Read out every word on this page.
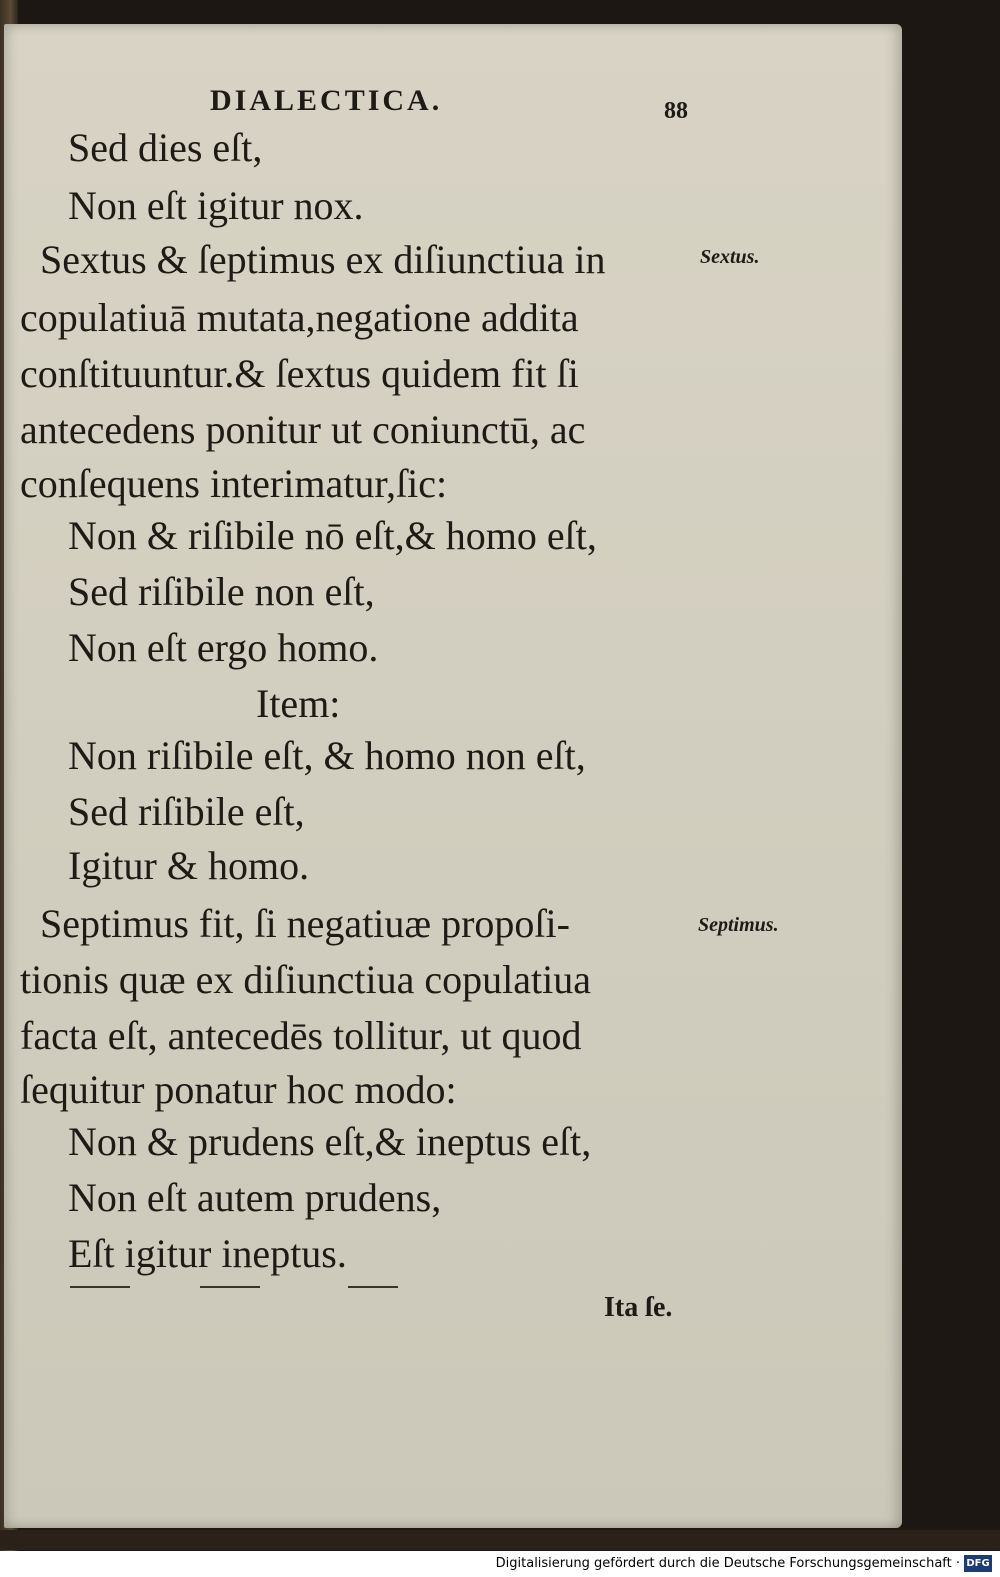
DIALECTICA.	88
Sed dies eſt,
Non eſt igitur nox.
Sextus & ſeptimus ex diſiunctiua in
copulatiuā mutata,negatione addita
conſtituuntur.& ſextus quidem fit ſi
antecedens ponitur ut coniunctū, ac
conſequens interimatur,ſic:
Non & riſibile nō eſt,& homo eſt,
Sed riſibile non eſt,
Non eſt ergo homo.
Item:
Non riſibile eſt, & homo non eſt,
Sed riſibile eſt,
Igitur & homo.
Septimus fit, ſi negatiuæ propoſi-
tionis quæ ex diſiunctiua copulatiua
facta eſt, antecedēs tollitur, ut quod
ſequitur ponatur hoc modo:
Non & prudens eſt,& ineptus eſt,
Non eſt autem prudens,
Eſt igitur ineptus.
Sextus.
Septimus.
Ita ſe.
Digitalisierung gefördert durch die Deutsche Forschungsgemeinschaft · DFG
